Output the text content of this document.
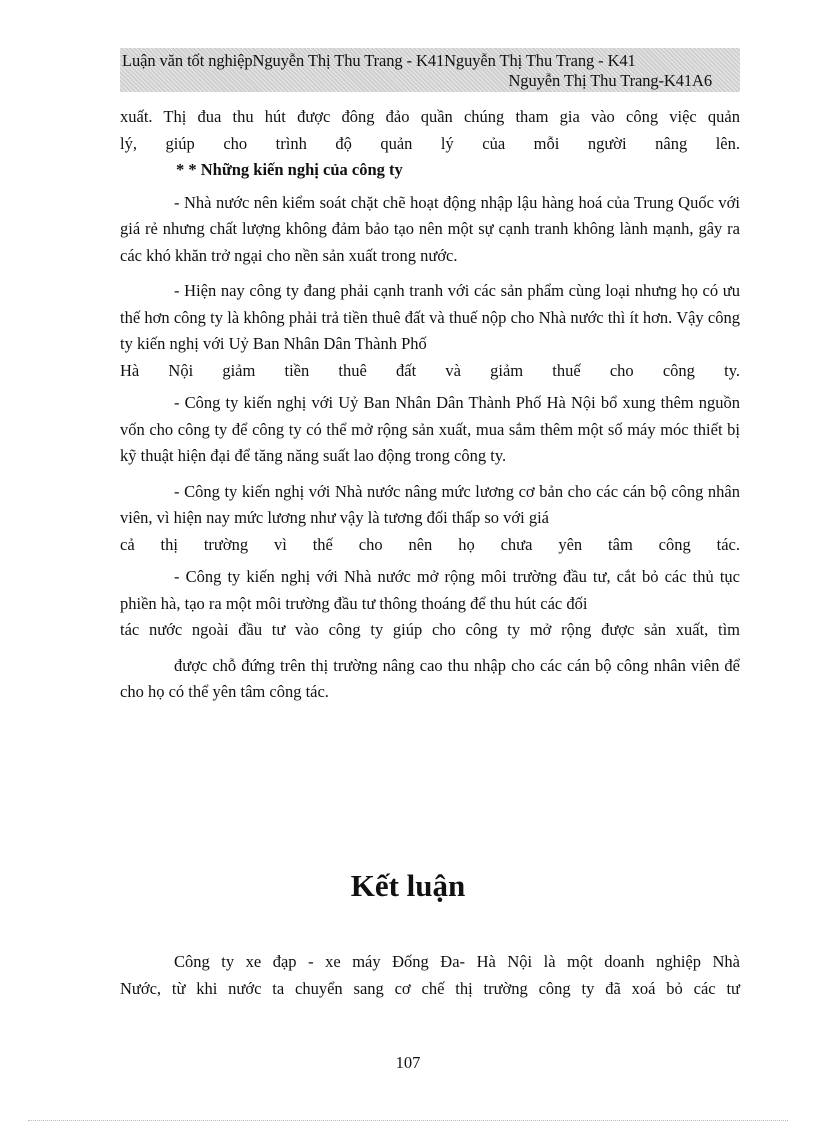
Luận văn tốt nghiệpNguyễn Thị Thu Trang - K41Nguyễn Thị Thu Trang - K41
Nguyễn Thị Thu Trang-K41A6

xuất. Thị đua thu hút được đông đảo quần chúng tham gia vào công việc quản

lý, giúp cho trình độ quản lý của mỗi người nâng lên.

* * Những kiến nghị của công ty

- Nhà nước nên kiểm soát chặt chẽ hoạt động nhập lậu hàng hoá của Trung Quốc với giá rẻ nhưng chất lượng không đảm bảo tạo nên một sự cạnh tranh không lành mạnh, gây ra các khó khăn trở ngại cho nền sản xuất trong nước.

- Hiện nay công ty đang phải cạnh tranh với các sản phẩm cùng loại nhưng họ có ưu thế hơn công ty là không phải trả tiền thuê đất và thuế nộp cho Nhà nước thì ít hơn. Vậy công ty kiến nghị với Uỷ Ban Nhân Dân Thành Phố

Hà Nội giảm tiền thuê đất và giảm thuế cho công ty.

- Công ty kiến nghị với Uỷ Ban Nhân Dân Thành Phố Hà Nội bổ xung thêm nguồn vốn cho công ty để công ty có thể mở rộng sản xuất, mua sắm thêm một số máy móc thiết bị kỹ thuật hiện đại để tăng năng suất lao động trong công ty.

- Công ty kiến nghị với Nhà nước nâng mức lương cơ bản cho các cán bộ công nhân viên, vì hiện nay mức lương như vậy là tương đối thấp so với giá

cả thị trường vì thế cho nên họ chưa yên tâm công tác.

- Công ty kiến nghị với Nhà nước mở rộng môi trường đầu tư, cắt bỏ các thủ tục phiền hà, tạo ra một môi trường đầu tư thông thoáng để thu hút các đối

tác nước ngoài đầu tư vào công ty giúp cho công ty mở rộng được sản xuất, tìm

được chỗ đứng trên thị trường nâng cao thu nhập cho các cán bộ công nhân viên để cho họ có thể yên tâm công tác.

Kết luận

Công ty xe đạp - xe máy Đống Đa- Hà Nội là một doanh nghiệp Nhà

Nước, từ khi nước ta chuyển sang cơ chế thị trường công ty đã xoá bỏ các tư

107
